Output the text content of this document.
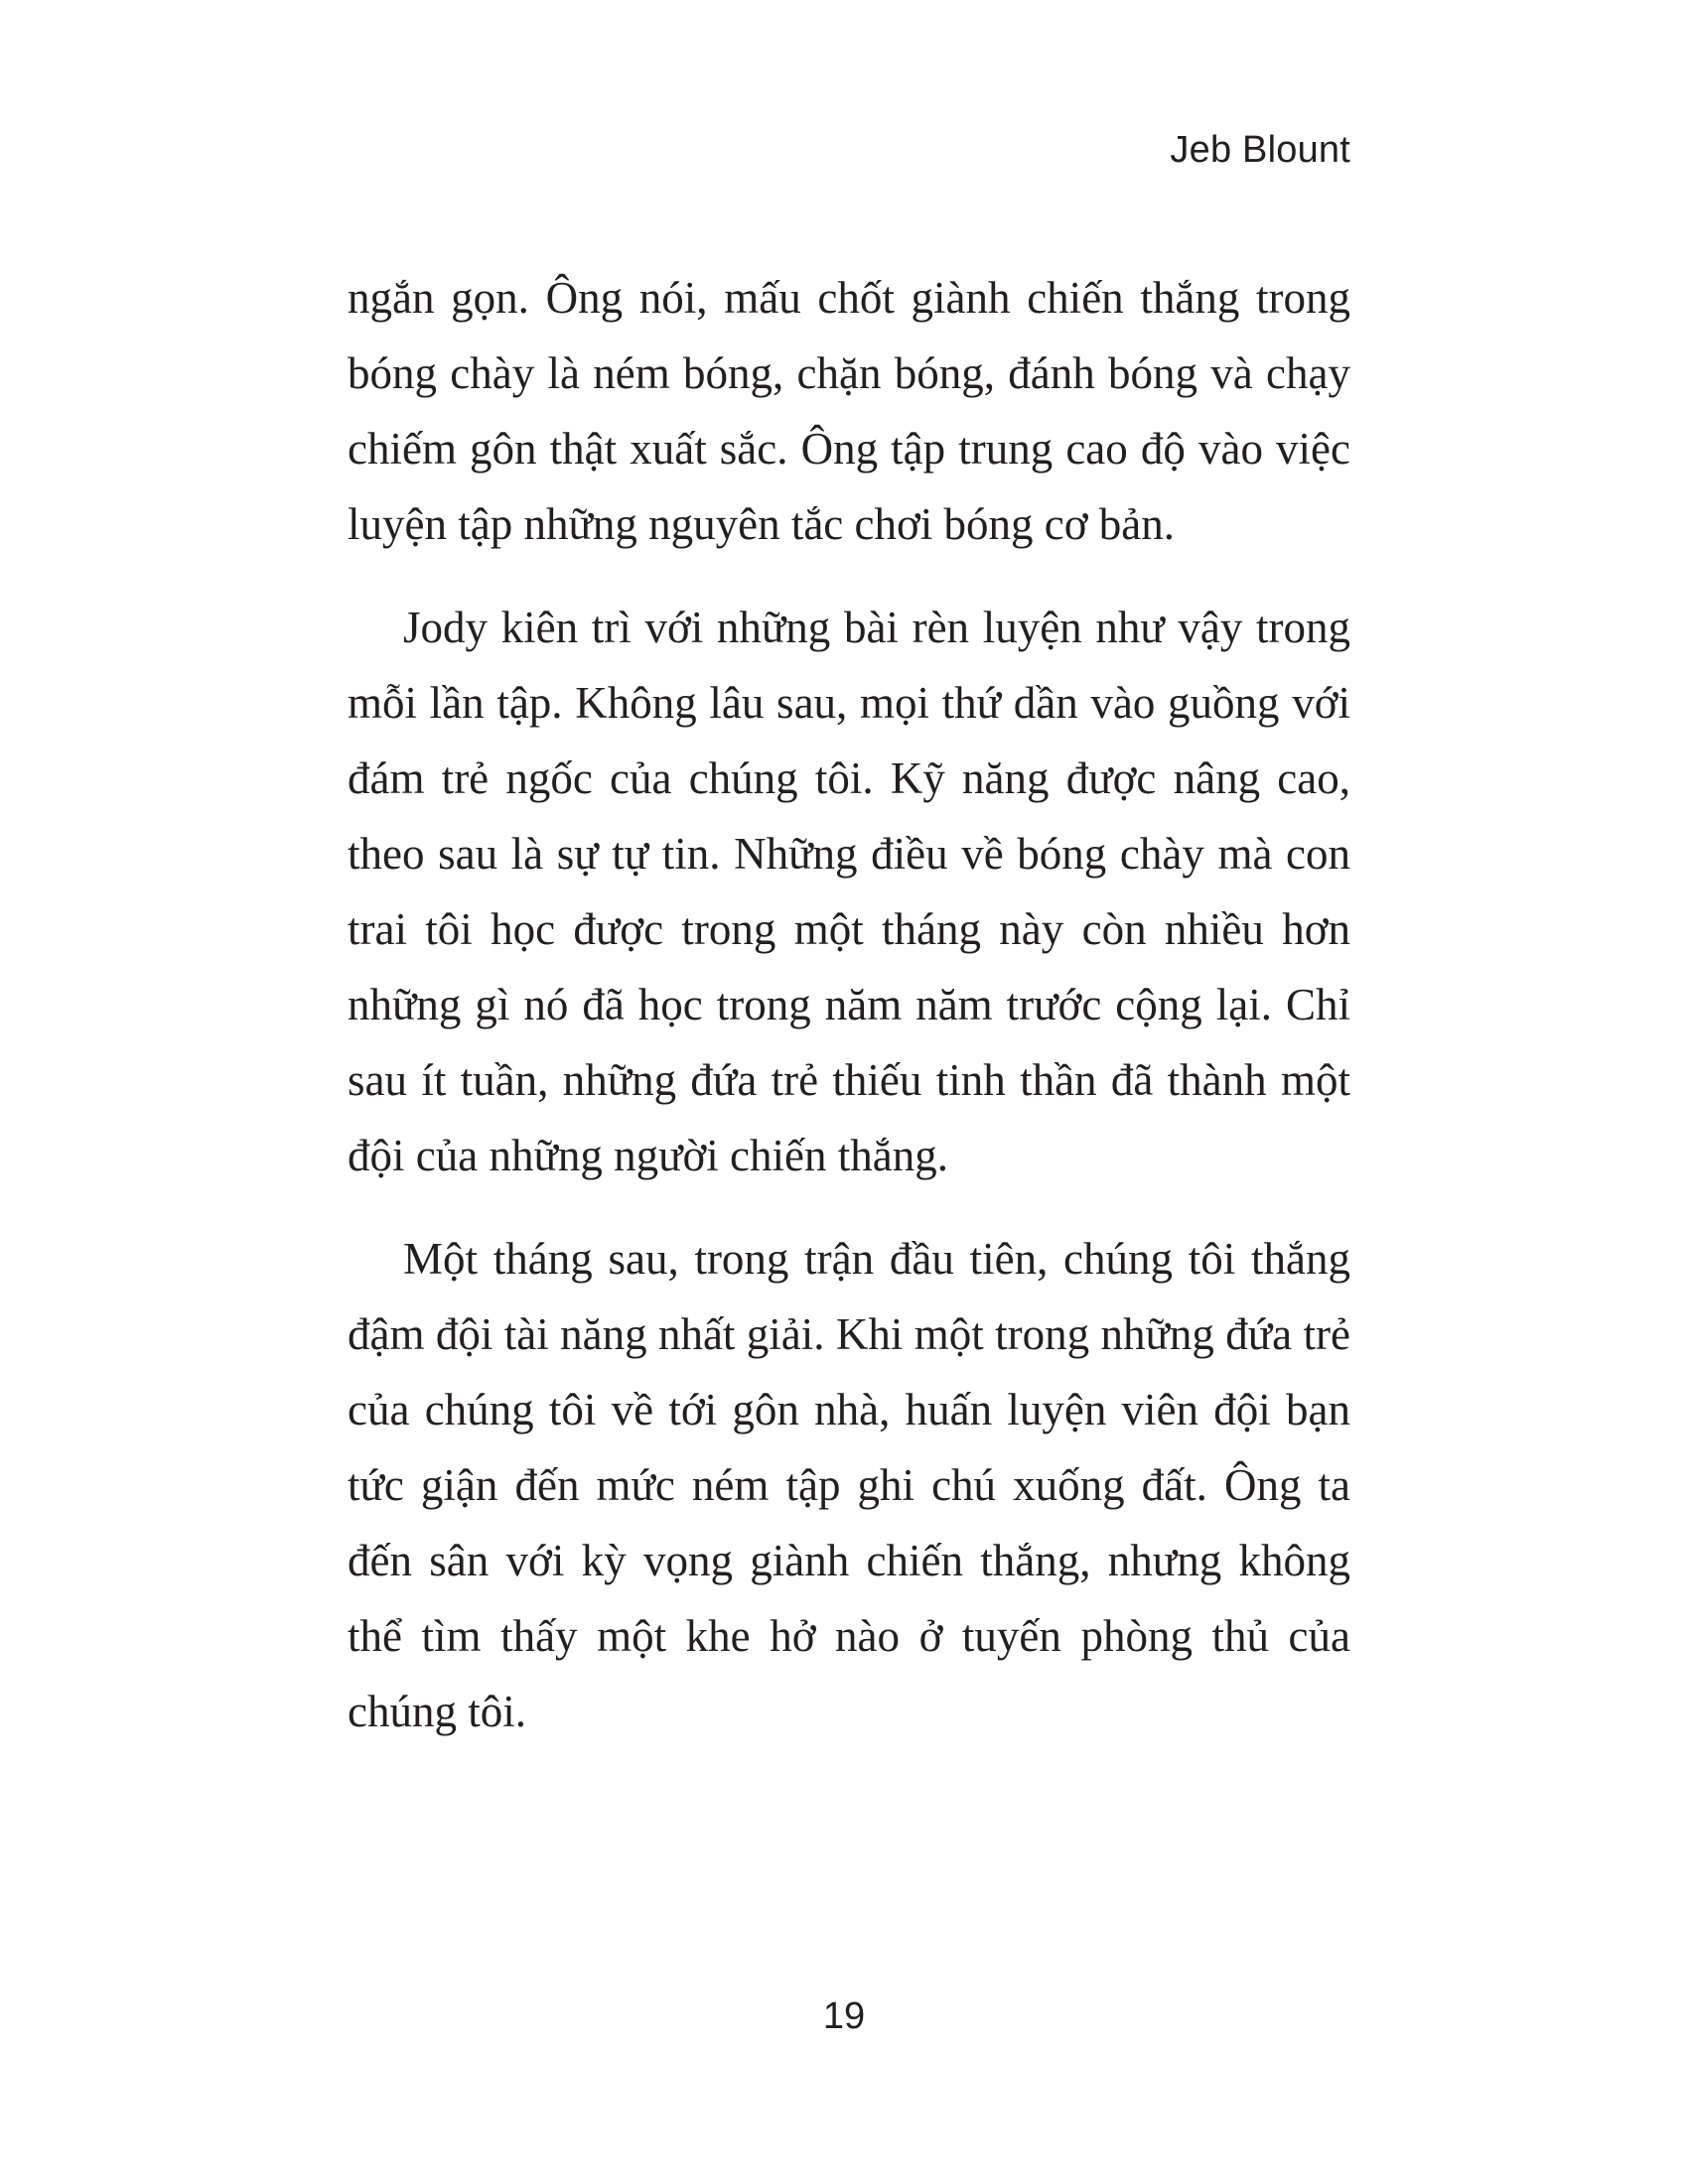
Jeb Blount

ngắn gọn. Ông nói, mấu chốt giành chiến thắng trong bóng chày là ném bóng, chặn bóng, đánh bóng và chạy chiếm gôn thật xuất sắc. Ông tập trung cao độ vào việc luyện tập những nguyên tắc chơi bóng cơ bản.

Jody kiên trì với những bài rèn luyện như vậy trong mỗi lần tập. Không lâu sau, mọi thứ dần vào guồng với đám trẻ ngốc của chúng tôi. Kỹ năng được nâng cao, theo sau là sự tự tin. Những điều về bóng chày mà con trai tôi học được trong một tháng này còn nhiều hơn những gì nó đã học trong năm năm trước cộng lại. Chỉ sau ít tuần, những đứa trẻ thiếu tinh thần đã thành một đội của những người chiến thắng.

Một tháng sau, trong trận đầu tiên, chúng tôi thắng đậm đội tài năng nhất giải. Khi một trong những đứa trẻ của chúng tôi về tới gôn nhà, huấn luyện viên đội bạn tức giận đến mức ném tập ghi chú xuống đất. Ông ta đến sân với kỳ vọng giành chiến thắng, nhưng không thể tìm thấy một khe hở nào ở tuyến phòng thủ của chúng tôi.

19
